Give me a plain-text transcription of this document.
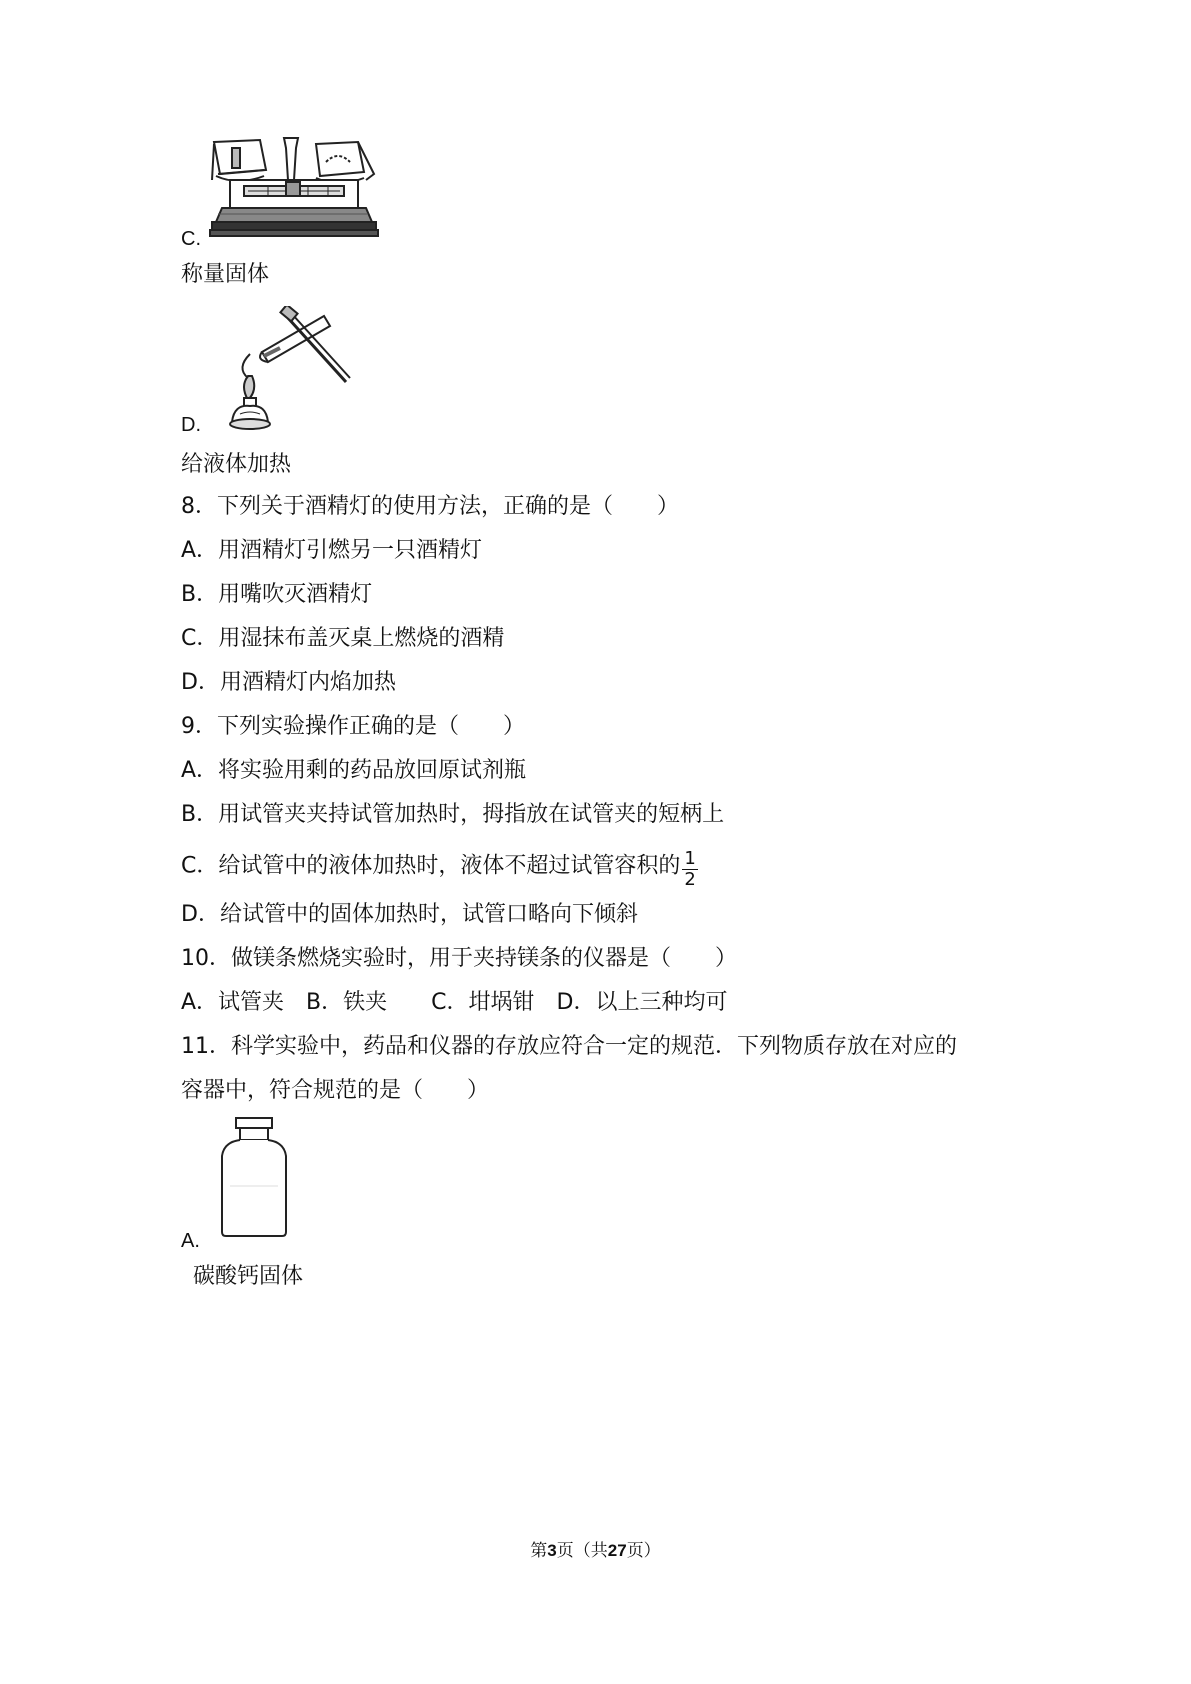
C.
称量固体
D.
给液体加热
8．下列关于酒精灯的使用方法，正确的是（　　）
A．用酒精灯引燃另一只酒精灯
B．用嘴吹灭酒精灯
C．用湿抹布盖灭桌上燃烧的酒精
D．用酒精灯内焰加热
9．下列实验操作正确的是（　　）
A．将实验用剩的药品放回原试剂瓶
B．用试管夹夹持试管加热时，拇指放在试管夹的短柄上
C．给试管中的液体加热时，液体不超过试管容积的 $\frac{1}{2}$
D．给试管中的固体加热时，试管口略向下倾斜
10．做镁条燃烧实验时，用于夹持镁条的仪器是（　　）
A．试管夹　B．铁夹　　C．坩埚钳　D．以上三种均可
11．科学实验中，药品和仪器的存放应符合一定的规范．下列物质存放在对应的
容器中，符合规范的是（　　）
A.
碳酸钙固体
第3页（共27页）
